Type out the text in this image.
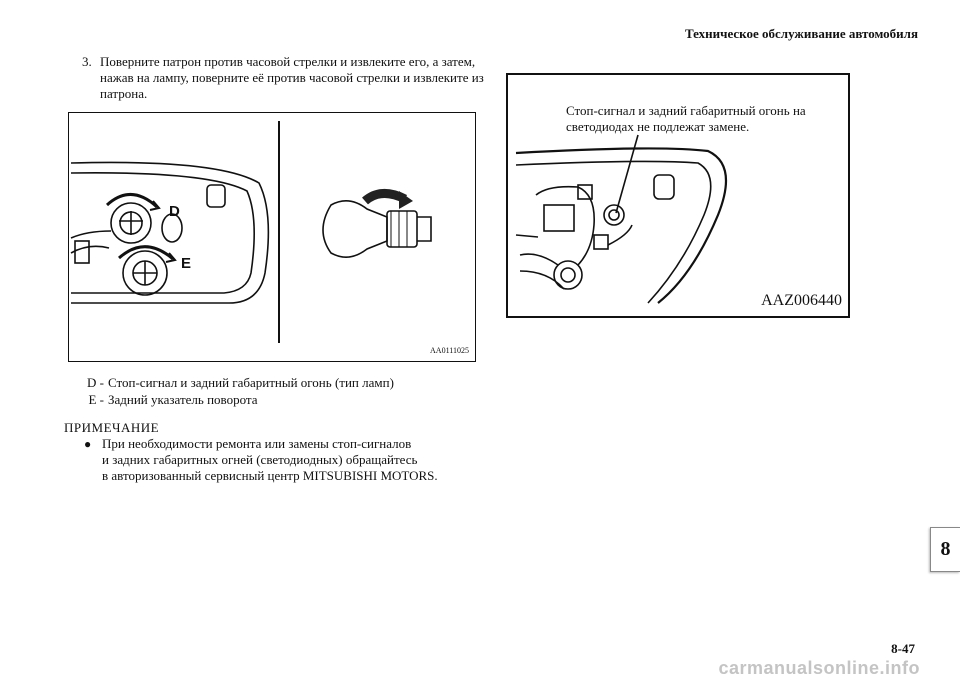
Техническое обслуживание автомобиля
3. Поверните патрон против часовой стрелки и извлеките его, а затем, нажав на лампу, поверните её против часовой стрелки и извлеките из патрона.
D
E
AA0111025
Стоп-сигнал и задний габаритный огонь на светодиодах не подлежат замене.
AAZ006440
D - Стоп-сигнал и задний габаритный огонь (тип ламп)
E - Задний указатель поворота
ПРИМЕЧАНИЕ
● При необходимости ремонта или замены стоп-сигналов
и задних габаритных огней (светодиодных) обращайтесь
в авторизованный сервисный центр MITSUBISHI MOTORS.
8
8-47
carmanualsonline.info
